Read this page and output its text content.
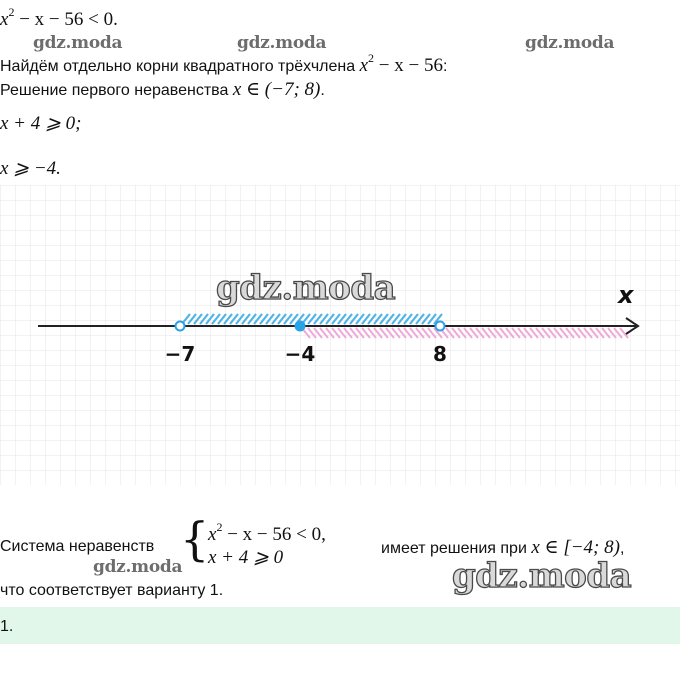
$x^2 - x - 56 < 0$.
gdz.moda	gdz.moda	gdz.moda
Найдём отдельно корни квадратного трёхчлена $x^2 - x - 56$:
Решение первого неравенства x ∈ (−7; 8).
x + 4 ⩾ 0;
x ⩾ −4.
x
−7	−4	8
gdz.moda
Система неравенств {
$x^2 - x - 56 < 0$,
x + 4 ⩾ 0	имеет решения при x ∈ [−4; 8),
gdz.moda
что соответствует варианту 1.	gdz.moda
1.
